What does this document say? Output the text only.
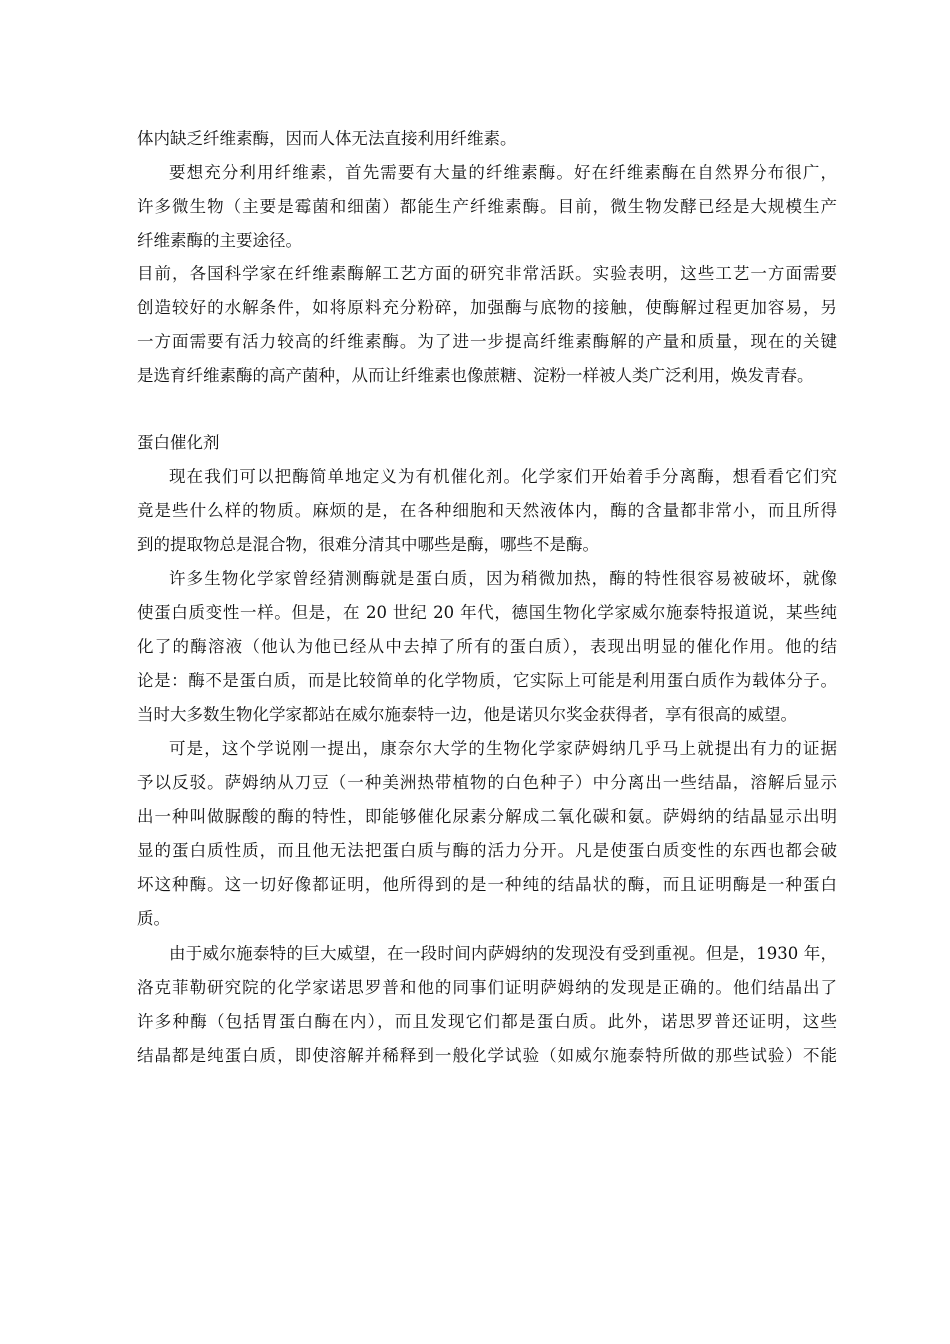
体内缺乏纤维素酶，因而人体无法直接利用纤维素。
要想充分利用纤维素，首先需要有大量的纤维素酶。好在纤维素酶在自然界分布很广，
许多微生物（主要是霉菌和细菌）都能生产纤维素酶。目前，微生物发酵已经是大规模生产
纤维素酶的主要途径。
目前，各国科学家在纤维素酶解工艺方面的研究非常活跃。实验表明，这些工艺一方面需要
创造较好的水解条件，如将原料充分粉碎，加强酶与底物的接触，使酶解过程更加容易，另
一方面需要有活力较高的纤维素酶。为了进一步提高纤维素酶解的产量和质量，现在的关键
是选育纤维素酶的高产菌种，从而让纤维素也像蔗糖、淀粉一样被人类广泛利用，焕发青春。
蛋白催化剂
现在我们可以把酶简单地定义为有机催化剂。化学家们开始着手分离酶，想看看它们究
竟是些什么样的物质。麻烦的是，在各种细胞和天然液体内，酶的含量都非常小，而且所得
到的提取物总是混合物，很难分清其中哪些是酶，哪些不是酶。
许多生物化学家曾经猜测酶就是蛋白质，因为稍微加热，酶的特性很容易被破坏，就像
使蛋白质变性一样。但是，在 20 世纪 20 年代，德国生物化学家威尔施泰特报道说，某些纯
化了的酶溶液（他认为他已经从中去掉了所有的蛋白质），表现出明显的催化作用。他的结
论是：酶不是蛋白质，而是比较简单的化学物质，它实际上可能是利用蛋白质作为载体分子。
当时大多数生物化学家都站在威尔施泰特一边，他是诺贝尔奖金获得者，享有很高的威望。
可是，这个学说刚一提出，康奈尔大学的生物化学家萨姆纳几乎马上就提出有力的证据
予以反驳。萨姆纳从刀豆（一种美洲热带植物的白色种子）中分离出一些结晶，溶解后显示
出一种叫做脲酸的酶的特性，即能够催化尿素分解成二氧化碳和氨。萨姆纳的结晶显示出明
显的蛋白质性质，而且他无法把蛋白质与酶的活力分开。凡是使蛋白质变性的东西也都会破
坏这种酶。这一切好像都证明，他所得到的是一种纯的结晶状的酶，而且证明酶是一种蛋白
质。
由于威尔施泰特的巨大威望，在一段时间内萨姆纳的发现没有受到重视。但是，1930 年，
洛克菲勒研究院的化学家诺思罗普和他的同事们证明萨姆纳的发现是正确的。他们结晶出了
许多种酶（包括胃蛋白酶在内），而且发现它们都是蛋白质。此外，诺思罗普还证明，这些
结晶都是纯蛋白质，即使溶解并稀释到一般化学试验（如威尔施泰特所做的那些试验）不能
